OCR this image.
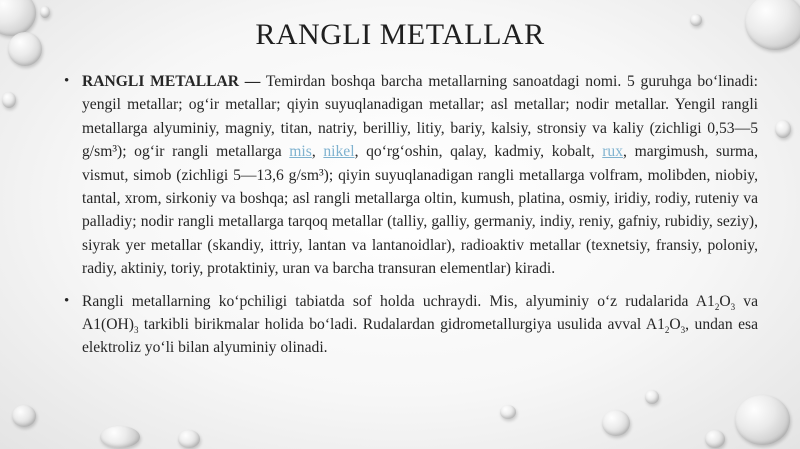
RANGLI METALLAR
• RANGLI METALLAR — Temirdan boshqa barcha metallarning sanoatdagi nomi. 5 guruhga bo‘linadi: yengil metallar; og‘ir metallar; qiyin suyuqlanadigan metallar; asl metallar; nodir metallar. Yengil rangli metallarga alyuminiy, magniy, titan, natriy, berilliy, litiy, bariy, kalsiy, stronsiy va kaliy (zichligi 0,53—5 g/sm³); og‘ir rangli metallarga mis, nikel, qo‘rg‘oshin, qalay, kadmiy, kobalt, rux, margimush, surma, vismut, simob (zichligi 5—13,6 g/sm³); qiyin suyuqlanadigan rangli metallarga volfram, molibden, niobiy, tantal, xrom, sirkoniy va boshqa; asl rangli metallarga oltin, kumush, platina, osmiy, iridiy, rodiy, ruteniy va palladiy; nodir rangli metallarga tarqoq metallar (talliy, galliy, germaniy, indiy, reniy, gafniy, rubidiy, seziy), siyrak yer metallar (skandiy, ittriy, lantan va lantanoidlar), radioaktiv metallar (texnetsiy, fransiy, poloniy, radiy, aktiniy, toriy, protaktiniy, uran va barcha transuran elementlar) kiradi.
• Rangli metallarning ko‘pchiligi tabiatda sof holda uchraydi. Mis, alyuminiy o‘z rudalarida $A1_2O_3$ va $A1(OH)_3$ tarkibli birikmalar holida bo‘ladi. Rudalardan gidrometallurgiya usulida avval $A1_2O_3$, undan esa elektroliz yo‘li bilan alyuminiy olinadi.
